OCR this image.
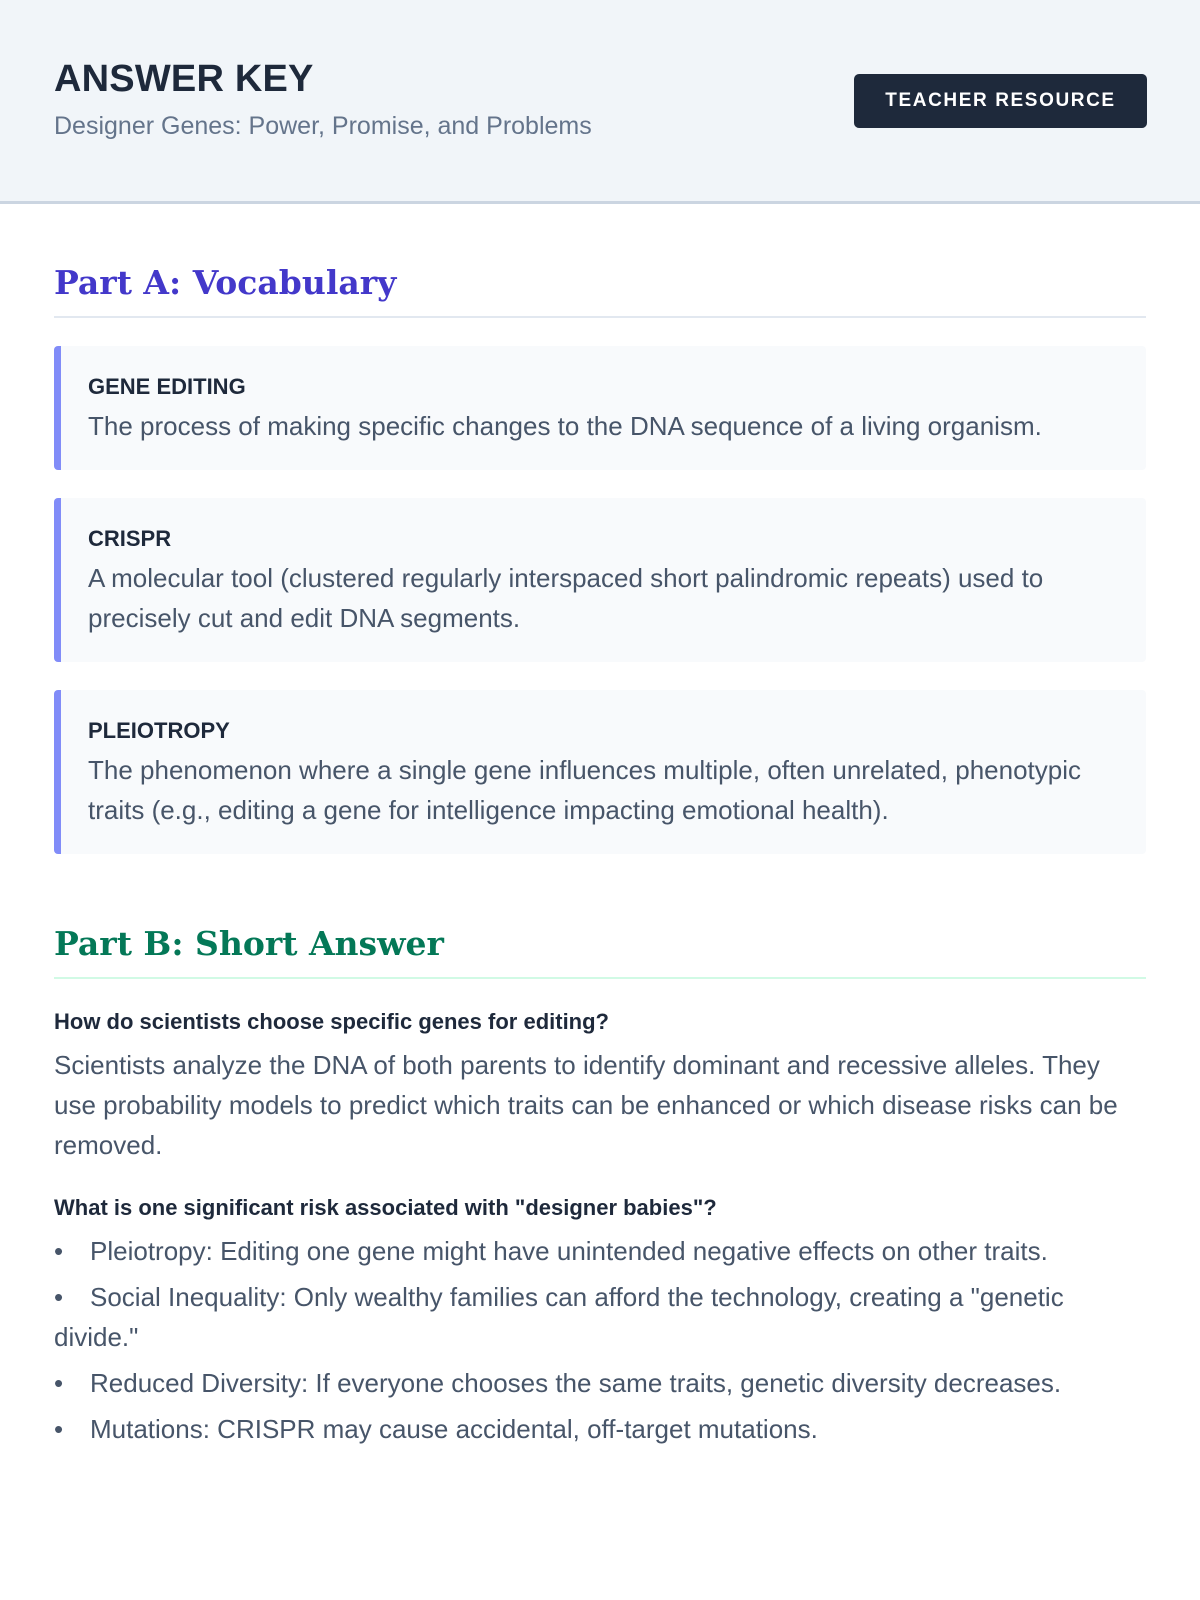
ANSWER KEY
Designer Genes: Power, Promise, and Problems
TEACHER RESOURCE
Part A: Vocabulary
GENE EDITING
The process of making specific changes to the DNA sequence of a living organism.
CRISPR
A molecular tool (clustered regularly interspaced short palindromic repeats) used to precisely cut and edit DNA segments.
PLEIOTROPY
The phenomenon where a single gene influences multiple, often unrelated, phenotypic traits (e.g., editing a gene for intelligence impacting emotional health).
Part B: Short Answer
How do scientists choose specific genes for editing?
Scientists analyze the DNA of both parents to identify dominant and recessive alleles. They use probability models to predict which traits can be enhanced or which disease risks can be removed.
What is one significant risk associated with "designer babies"?
• Pleiotropy: Editing one gene might have unintended negative effects on other traits.
• Social Inequality: Only wealthy families can afford the technology, creating a "genetic divide."
• Reduced Diversity: If everyone chooses the same traits, genetic diversity decreases.
• Mutations: CRISPR may cause accidental, off-target mutations.
